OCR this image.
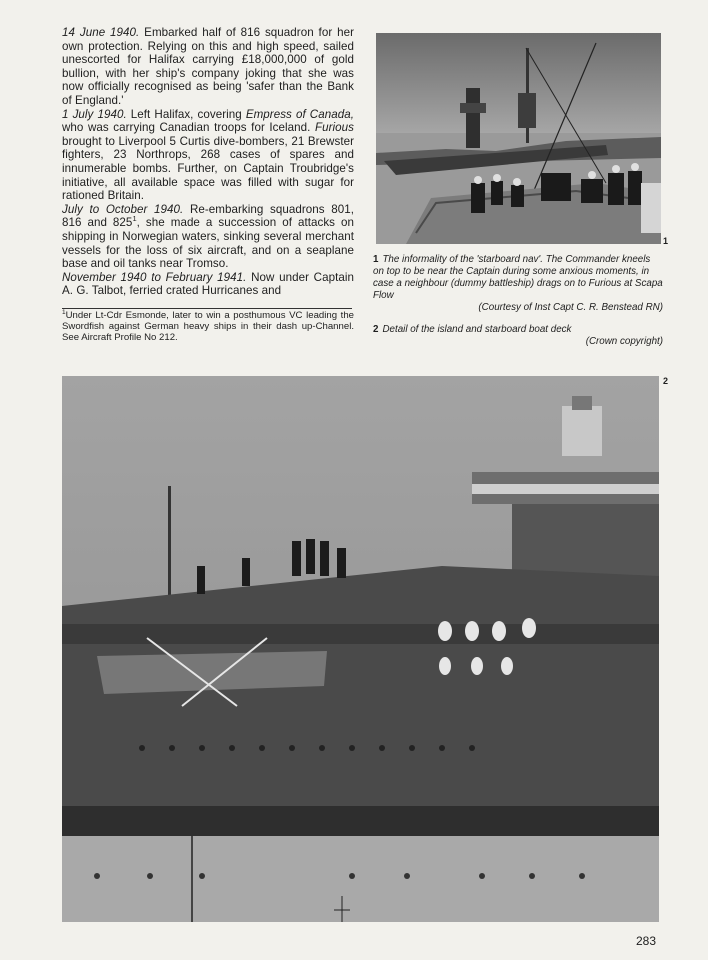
14 June 1940. Embarked half of 816 squadron for her own protection. Relying on this and high speed, sailed unescorted for Halifax carrying £18,000,000 of gold bullion, with her ship's company joking that she was now officially recognised as being 'safer than the Bank of England.'

1 July 1940. Left Halifax, covering Empress of Canada, who was carrying Canadian troops for Iceland. Furious brought to Liverpool 5 Curtis dive-bombers, 21 Brewster fighters, 23 Northrops, 268 cases of spares and innumerable bombs. Further, on Captain Troubridge's initiative, all available space was filled with sugar for rationed Britain.

July to October 1940. Re-embarking squadrons 801, 816 and $825^1$, she made a succession of attacks on shipping in Norwegian waters, sinking several merchant vessels for the loss of six aircraft, and on a seaplane base and oil tanks near Tromso.

November 1940 to February 1941. Now under Captain A. G. Talbot, ferried crated Hurricanes and

$^1$Under Lt-Cdr Esmonde, later to win a posthumous VC leading the Swordfish against German heavy ships in their dash up-Channel. See Aircraft Profile No 212.
1
1 The informality of the 'starboard nav'. The Commander kneels on top to be near the Captain during some anxious moments, in case a neighbour (dummy battleship) drags on to Furious at Scapa Flow
(Courtesy of Inst Capt C. R. Benstead RN)
2 Detail of the island and starboard boat deck
(Crown copyright)
2
283
